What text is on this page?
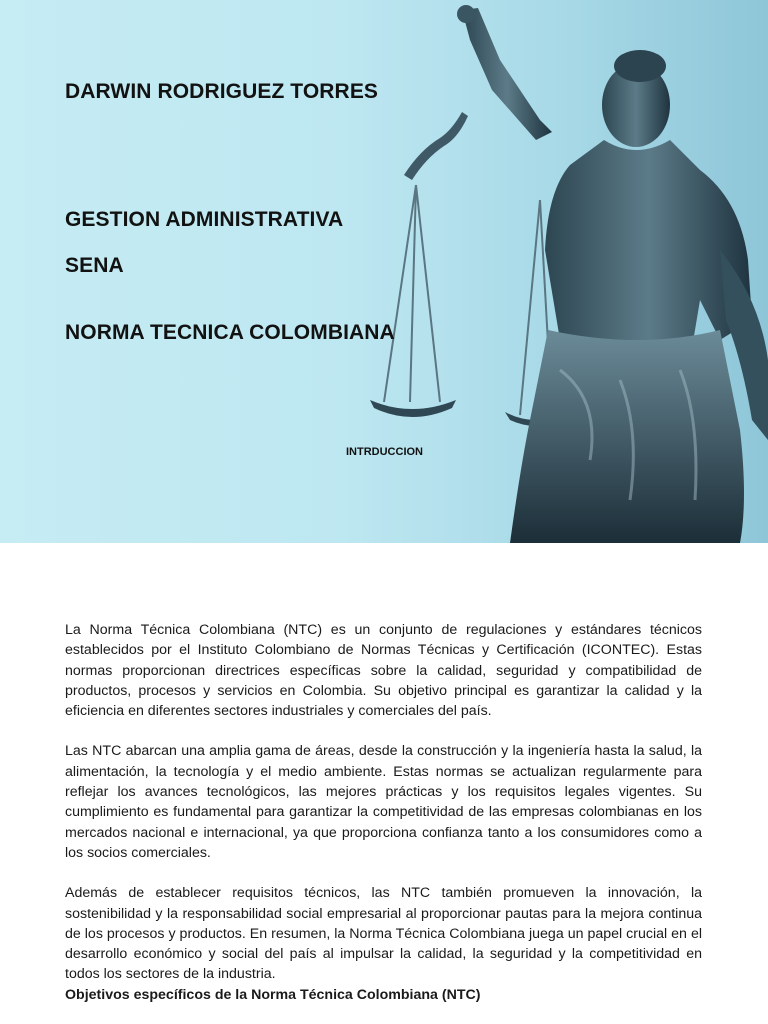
DARWIN RODRIGUEZ TORRES
GESTION ADMINISTRATIVA
SENA
NORMA TECNICA COLOMBIANA

INTRDUCCION

La Norma Técnica Colombiana (NTC) es un conjunto de regulaciones y estándares técnicos establecidos por el Instituto Colombiano de Normas Técnicas y Certificación (ICONTEC). Estas normas proporcionan directrices específicas sobre la calidad, seguridad y compatibilidad de productos, procesos y servicios en Colombia. Su objetivo principal es garantizar la calidad y la eficiencia en diferentes sectores industriales y comerciales del país.

Las NTC abarcan una amplia gama de áreas, desde la construcción y la ingeniería hasta la salud, la alimentación, la tecnología y el medio ambiente. Estas normas se actualizan regularmente para reflejar los avances tecnológicos, las mejores prácticas y los requisitos legales vigentes. Su cumplimiento es fundamental para garantizar la competitividad de las empresas colombianas en los mercados nacional e internacional, ya que proporciona confianza tanto a los consumidores como a los socios comerciales.

Además de establecer requisitos técnicos, las NTC también promueven la innovación, la sostenibilidad y la responsabilidad social empresarial al proporcionar pautas para la mejora continua de los procesos y productos. En resumen, la Norma Técnica Colombiana juega un papel crucial en el desarrollo económico y social del país al impulsar la calidad, la seguridad y la competitividad en todos los sectores de la industria.

Objetivos específicos de la Norma Técnica Colombiana (NTC)
